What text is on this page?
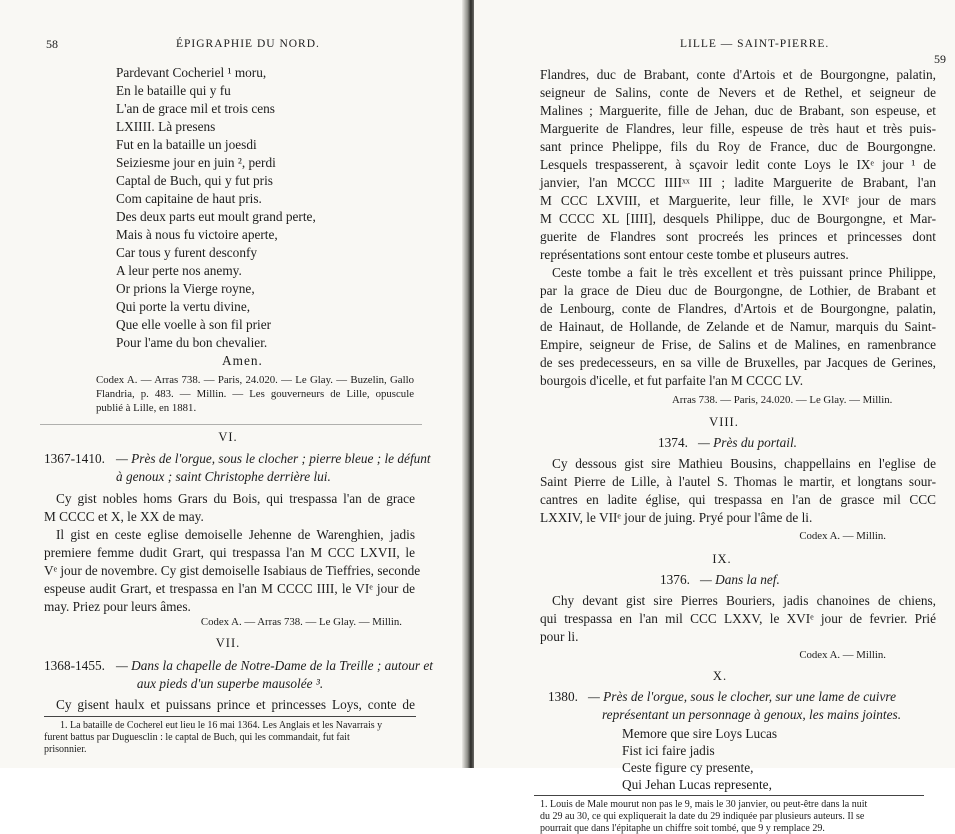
58	ÉPIGRAPHIE DU NORD.
Pardevant Cocheriel ¹ moru,
En le bataille qui y fu
L'an de grace mil et trois cens
LXIIII. Là presens
Fut en la bataille un joesdi
Seiziesme jour en juin ², perdi
Captal de Buch, qui y fut pris
Com capitaine de haut pris.
Des deux parts eut moult grand perte,
Mais à nous fu victoire aperte,
Car tous y furent desconfy
A leur perte nos anemy.
Or prions la Vierge royne,
Qui porte la vertu divine,
Que elle voelle à son fil prier
Pour l'ame du bon chevalier.
Amen.
Codex A. — Arras 738. — Paris, 24.020. — Le Glay. — Buzelin, Gallo
Flandria, p. 483. — Millin. — Les gouverneurs de Lille, opuscule
publié à Lille, en 1881.
VI.
1367-1410. — Près de l'orgue, sous le clocher ; pierre bleue ; le défunt
à genoux ; saint Christophe derrière lui.
Cy gist nobles homs Grars du Bois, qui trespassa l'an de grace
M CCCC et X, le XX de may.
Il gist en ceste eglise demoiselle Jehenne de Warenghien, jadis
premiere femme dudit Grart, qui trespassa l'an M CCC LXVII, le
Vᵉ jour de novembre. Cy gist demoiselle Isabiaus de Tieffries, seconde
espeuse audit Grart, et trespassa en l'an M CCCC IIII, le VIᵉ jour de
may. Priez pour leurs âmes.
Codex A. — Arras 738. — Le Glay. — Millin.
VII.
1368-1455. — Dans la chapelle de Notre-Dame de la Treille ; autour et
aux pieds d'un superbe mausolée ³.
Cy gisent haulx et puissans prince et princesses Loys, conte de
1. La bataille de Cocherel eut lieu le 16 mai 1364. Les Anglais et les Navarrais y
furent battus par Duguesclin : le captal de Buch, qui les commandait, fut fait
prisonnier.
LILLE — SAINT-PIERRE.
59
Flandres, duc de Brabant, conte d'Artois et de Bourgongne, palatin,
seigneur de Salins, conte de Nevers et de Rethel, et seigneur de
Malines ; Marguerite, fille de Jehan, duc de Brabant, son espeuse, et
Marguerite de Flandres, leur fille, espeuse de très haut et très puis-
sant prince Phelippe, fils du Roy de France, duc de Bourgongne.
Lesquels trespasserent, à sçavoir ledit conte Loys le IXᵉ jour ¹ de
janvier, l'an MCCC IIIIˣˣ III ; ladite Marguerite de Brabant, l'an
M CCC LXVIII, et Marguerite, leur fille, le XVIᵉ jour de mars
M CCCC XL [IIII], desquels Philippe, duc de Bourgongne, et Mar-
guerite de Flandres sont procreés les princes et princesses dont
représentations sont entour ceste tombe et pluseurs autres.
Ceste tombe a fait le très excellent et très puissant prince Philippe,
par la grace de Dieu duc de Bourgongne, de Lothier, de Brabant et
de Lenbourg, conte de Flandres, d'Artois et de Bourgongne, palatin,
de Hainaut, de Hollande, de Zelande et de Namur, marquis du Saint-
Empire, seigneur de Frise, de Salins et de Malines, en ramenbrance
de ses predecesseurs, en sa ville de Bruxelles, par Jacques de Gerines,
bourgois d'icelle, et fut parfaite l'an M CCCC LV.
Arras 738. — Paris, 24.020. — Le Glay. — Millin.
VIII.
1374. — Près du portail.
Cy dessous gist sire Mathieu Bousins, chappellains en l'eglise de
Saint Pierre de Lille, à l'autel S. Thomas le martir, et longtans sour-
cantres en ladite église, qui trespassa en l'an de grasce mil CCC
LXXIV, le VIIᵉ jour de juing. Pryé pour l'âme de li.
Codex A. — Millin.
IX.
1376. — Dans la nef.
Chy devant gist sire Pierres Bouriers, jadis chanoines de chiens,
qui trespassa en l'an mil CCC LXXV, le XVIᵉ jour de fevrier. Prié
pour li.
Codex A. — Millin.
X.
1380. — Près de l'orgue, sous le clocher, sur une lame de cuivre
représentant un personnage à genoux, les mains jointes.
Memore que sire Loys Lucas
Fist ici faire jadis
Ceste figure cy presente,
Qui Jehan Lucas represente,
1. Louis de Male mourut non pas le 9, mais le 30 janvier, ou peut-être dans la nuit
du 29 au 30, ce qui expliquerait la date du 29 indiquée par plusieurs auteurs. Il se
pourrait que dans l'épitaphe un chiffre soit tombé, que 9 y remplace 29.
